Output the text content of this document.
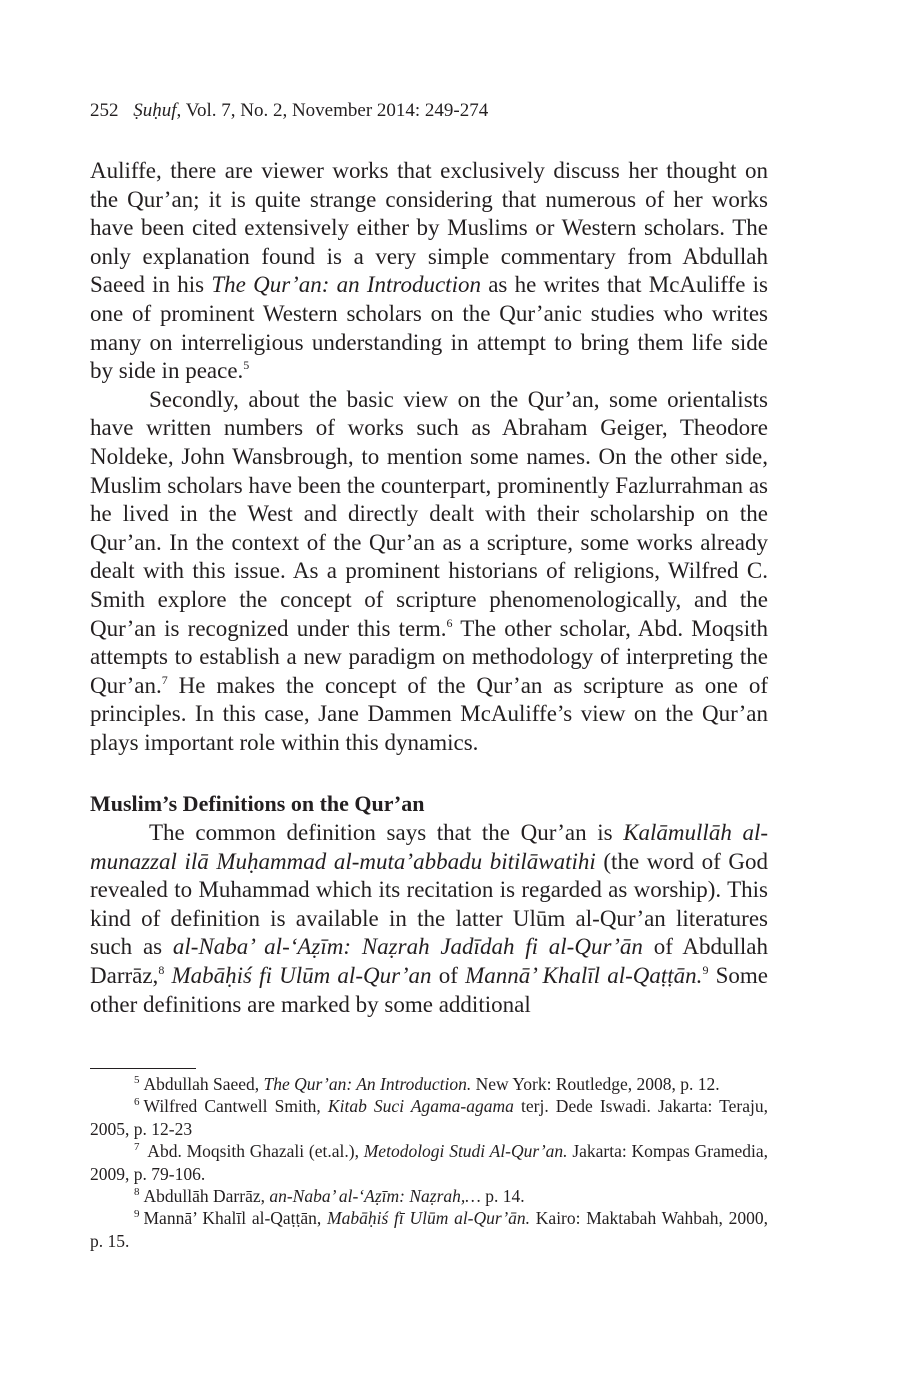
252 Ṣuḥuf, Vol. 7, No. 2, November 2014: 249-274

Auliffe, there are viewer works that exclusively discuss her thought on the Qur’an; it is quite strange considering that numerous of her works have been cited extensively either by Muslims or Western scholars. The only explanation found is a very simple commentary from Abdullah Saeed in his The Qur’an: an Introduction as he writes that McAuliffe is one of prominent Western scholars on the Qur’anic studies who writes many on interreligious understanding in attempt to bring them life side by side in peace.$^5$

Secondly, about the basic view on the Qur’an, some orientalists have written numbers of works such as Abraham Geiger, Theodore Noldeke, John Wansbrough, to mention some names. On the other side, Muslim scholars have been the counterpart, prominently Fazlurrahman as he lived in the West and directly dealt with their scholarship on the Qur’an. In the context of the Qur’an as a scripture, some works already dealt with this issue. As a prominent historians of religions, Wilfred C. Smith explore the concept of scripture phenomenologically, and the Qur’an is recognized under this term.$^6$ The other scholar, Abd. Moqsith attempts to establish a new paradigm on methodology of interpreting the Qur’an.$^7$ He makes the concept of the Qur’an as scripture as one of principles. In this case, Jane Dammen McAuliffe’s view on the Qur’an plays important role within this dynamics.

Muslim’s Definitions on the Qur’an

The common definition says that the Qur’an is Kalāmullāh al-munazzal ilā Muḥammad al-muta’abbadu bitilāwatihi (the word of God revealed to Muhammad which its recitation is regarded as worship). This kind of definition is available in the latter Ulūm al-Qur’an literatures such as al-Naba’ al-‘Aẓīm: Naẓrah Jadīdah fi al-Qur’ān of Abdullah Darrāz,$^8$ Mabāḥiś fi Ulūm al-Qur’an of Mannā’ Khalīl al-Qaṭṭān.$^9$ Some other definitions are marked by some additional

$^5$ Abdullah Saeed, The Qur’an: An Introduction. New York: Routledge, 2008, p. 12.

$^6$ Wilfred Cantwell Smith, Kitab Suci Agama-agama terj. Dede Iswadi. Jakarta: Teraju, 2005, p. 12-23

$^7$ Abd. Moqsith Ghazali (et.al.), Metodologi Studi Al-Qur’an. Jakarta: Kompas Gramedia, 2009, p. 79-106.

$^8$ Abdullāh Darrāz, an-Naba’ al-‘Aẓīm: Naẓrah,… p. 14.

$^9$ Mannā’ Khalīl al-Qaṭṭān, Mabāḥiś fī Ulūm al-Qur’ān. Kairo: Maktabah Wahbah, 2000, p. 15.
